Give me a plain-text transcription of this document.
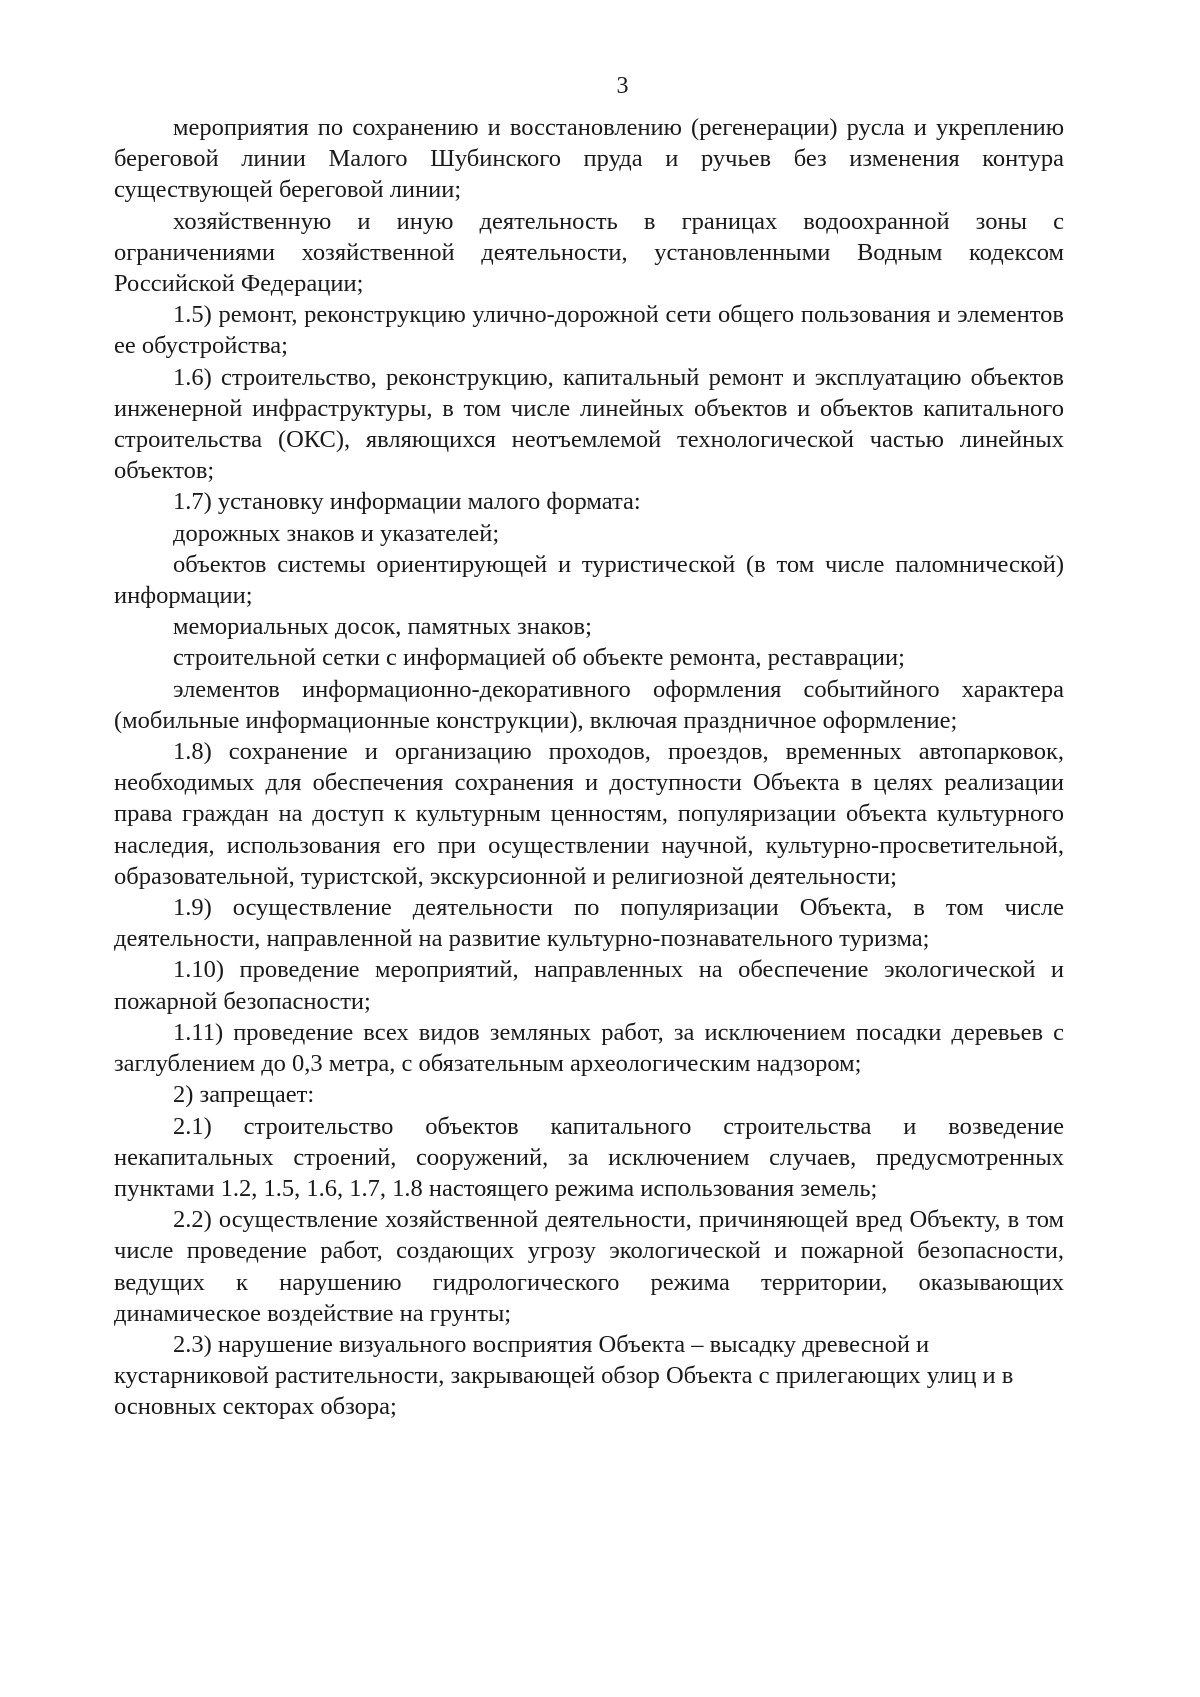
3

мероприятия по сохранению и восстановлению (регенерации) русла и укреплению береговой линии Малого Шубинского пруда и ручьев без изменения контура существующей береговой линии;

хозяйственную и иную деятельность в границах водоохранной зоны с ограничениями хозяйственной деятельности, установленными Водным кодексом Российской Федерации;

1.5) ремонт, реконструкцию улично-дорожной сети общего пользования и элементов ее обустройства;

1.6) строительство, реконструкцию, капитальный ремонт и эксплуатацию объектов инженерной инфраструктуры, в том числе линейных объектов и объектов капитального строительства (ОКС), являющихся неотъемлемой технологической частью линейных объектов;

1.7) установку информации малого формата:

дорожных знаков и указателей;

объектов системы ориентирующей и туристической (в том числе паломнической) информации;

мемориальных досок, памятных знаков;

строительной сетки с информацией об объекте ремонта, реставрации;

элементов информационно-декоративного оформления событийного характера (мобильные информационные конструкции), включая праздничное оформление;

1.8) сохранение и организацию проходов, проездов, временных автопарковок, необходимых для обеспечения сохранения и доступности Объекта в целях реализации права граждан на доступ к культурным ценностям, популяризации объекта культурного наследия, использования его при осуществлении научной, культурно-просветительной, образовательной, туристской, экскурсионной и религиозной деятельности;

1.9) осуществление деятельности по популяризации Объекта, в том числе деятельности, направленной на развитие культурно-познавательного туризма;

1.10) проведение мероприятий, направленных на обеспечение экологической и пожарной безопасности;

1.11) проведение всех видов земляных работ, за исключением посадки деревьев с заглублением до 0,3 метра, с обязательным археологическим надзором;

2) запрещает:

2.1) строительство объектов капитального строительства и возведение некапитальных строений, сооружений, за исключением случаев, предусмотренных пунктами 1.2, 1.5, 1.6, 1.7, 1.8 настоящего режима использования земель;

2.2) осуществление хозяйственной деятельности, причиняющей вред Объекту, в том числе проведение работ, создающих угрозу экологической и пожарной безопасности, ведущих к нарушению гидрологического режима территории, оказывающих динамическое воздействие на грунты;

2.3) нарушение визуального восприятия Объекта – высадку древесной и кустарниковой растительности, закрывающей обзор Объекта с прилегающих улиц и в основных секторах обзора;
